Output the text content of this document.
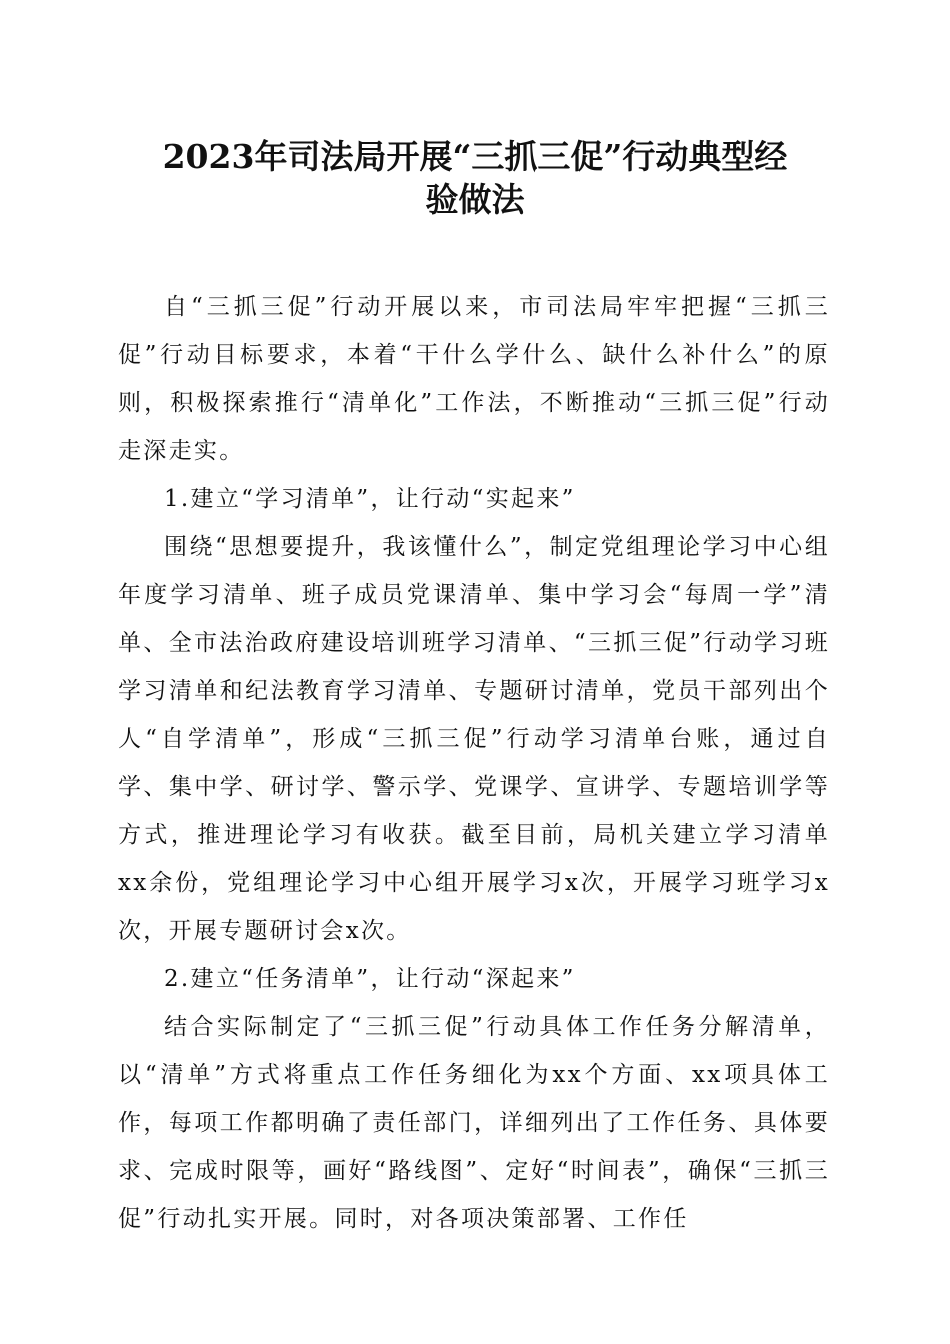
2023年司法局开展“三抓三促”行动典型经
验做法

自“三抓三促”行动开展以来，市司法局牢牢把握“三抓三促”行动目标要求，本着“干什么学什么、缺什么补什么”的原则，积极探索推行“清单化”工作法，不断推动“三抓三促”行动走深走实。

1.建立“学习清单”，让行动“实起来”

围绕“思想要提升，我该懂什么”，制定党组理论学习中心组年度学习清单、班子成员党课清单、集中学习会“每周一学”清单、全市法治政府建设培训班学习清单、“三抓三促”行动学习班学习清单和纪法教育学习清单、专题研讨清单，党员干部列出个人“自学清单”，形成“三抓三促”行动学习清单台账，通过自学、集中学、研讨学、警示学、党课学、宣讲学、专题培训学等方式，推进理论学习有收获。截至目前，局机关建立学习清单xx余份，党组理论学习中心组开展学习x次，开展学习班学习x次，开展专题研讨会x次。

2.建立“任务清单”，让行动“深起来”

结合实际制定了“三抓三促”行动具体工作任务分解清单，以“清单”方式将重点工作任务细化为xx个方面、xx项具体工作，每项工作都明确了责任部门，详细列出了工作任务、具体要求、完成时限等，画好“路线图”、定好“时间表”，确保“三抓三促”行动扎实开展。同时，对各项决策部署、工作任
